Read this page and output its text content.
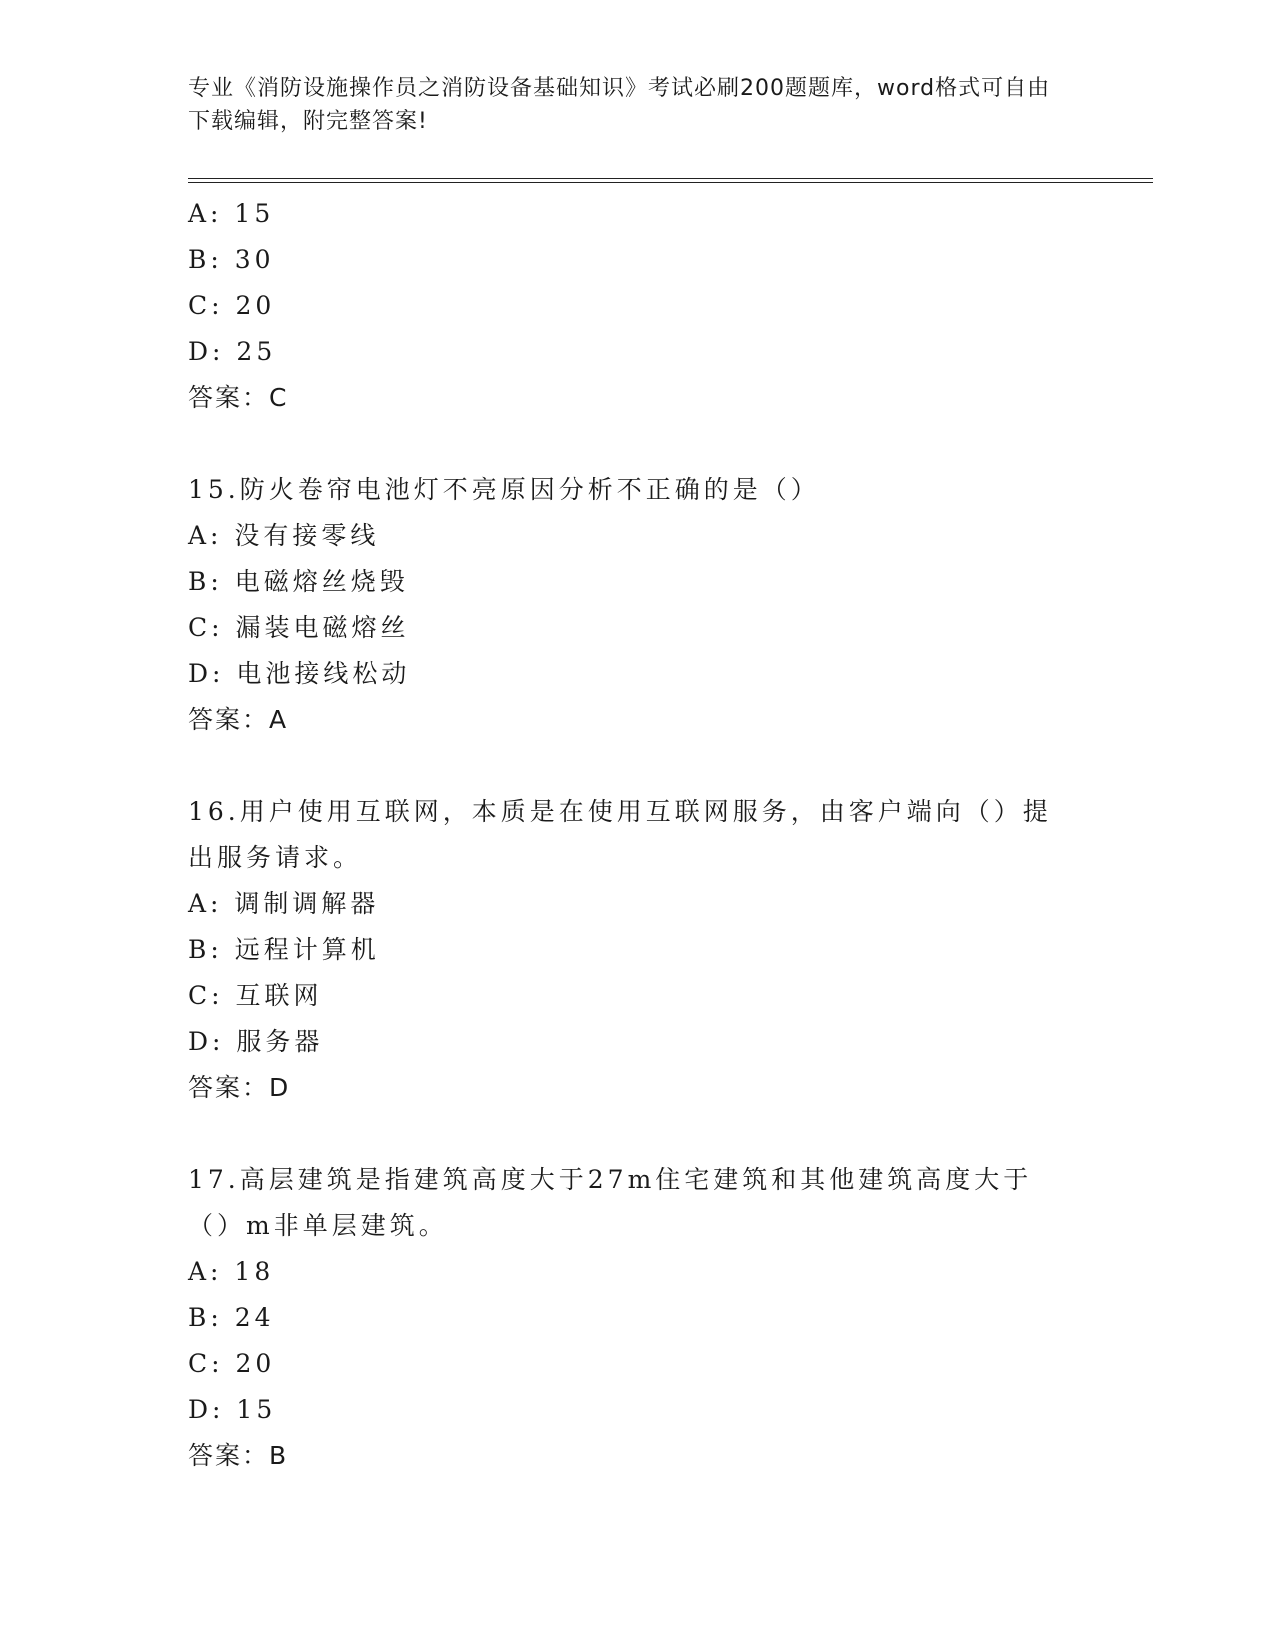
专业《消防设施操作员之消防设备基础知识》考试必刷200题题库，word格式可自由下载编辑，附完整答案!
A: 15
B: 30
C: 20
D: 25
答案：C
15.防火卷帘电池灯不亮原因分析不正确的是（）
A: 没有接零线
B: 电磁熔丝烧毁
C: 漏装电磁熔丝
D: 电池接线松动
答案：A
16.用户使用互联网，本质是在使用互联网服务，由客户端向（）提出服务请求。
A: 调制调解器
B: 远程计算机
C: 互联网
D: 服务器
答案：D
17.高层建筑是指建筑高度大于27m住宅建筑和其他建筑高度大于（）m非单层建筑。
A: 18
B: 24
C: 20
D: 15
答案：B
